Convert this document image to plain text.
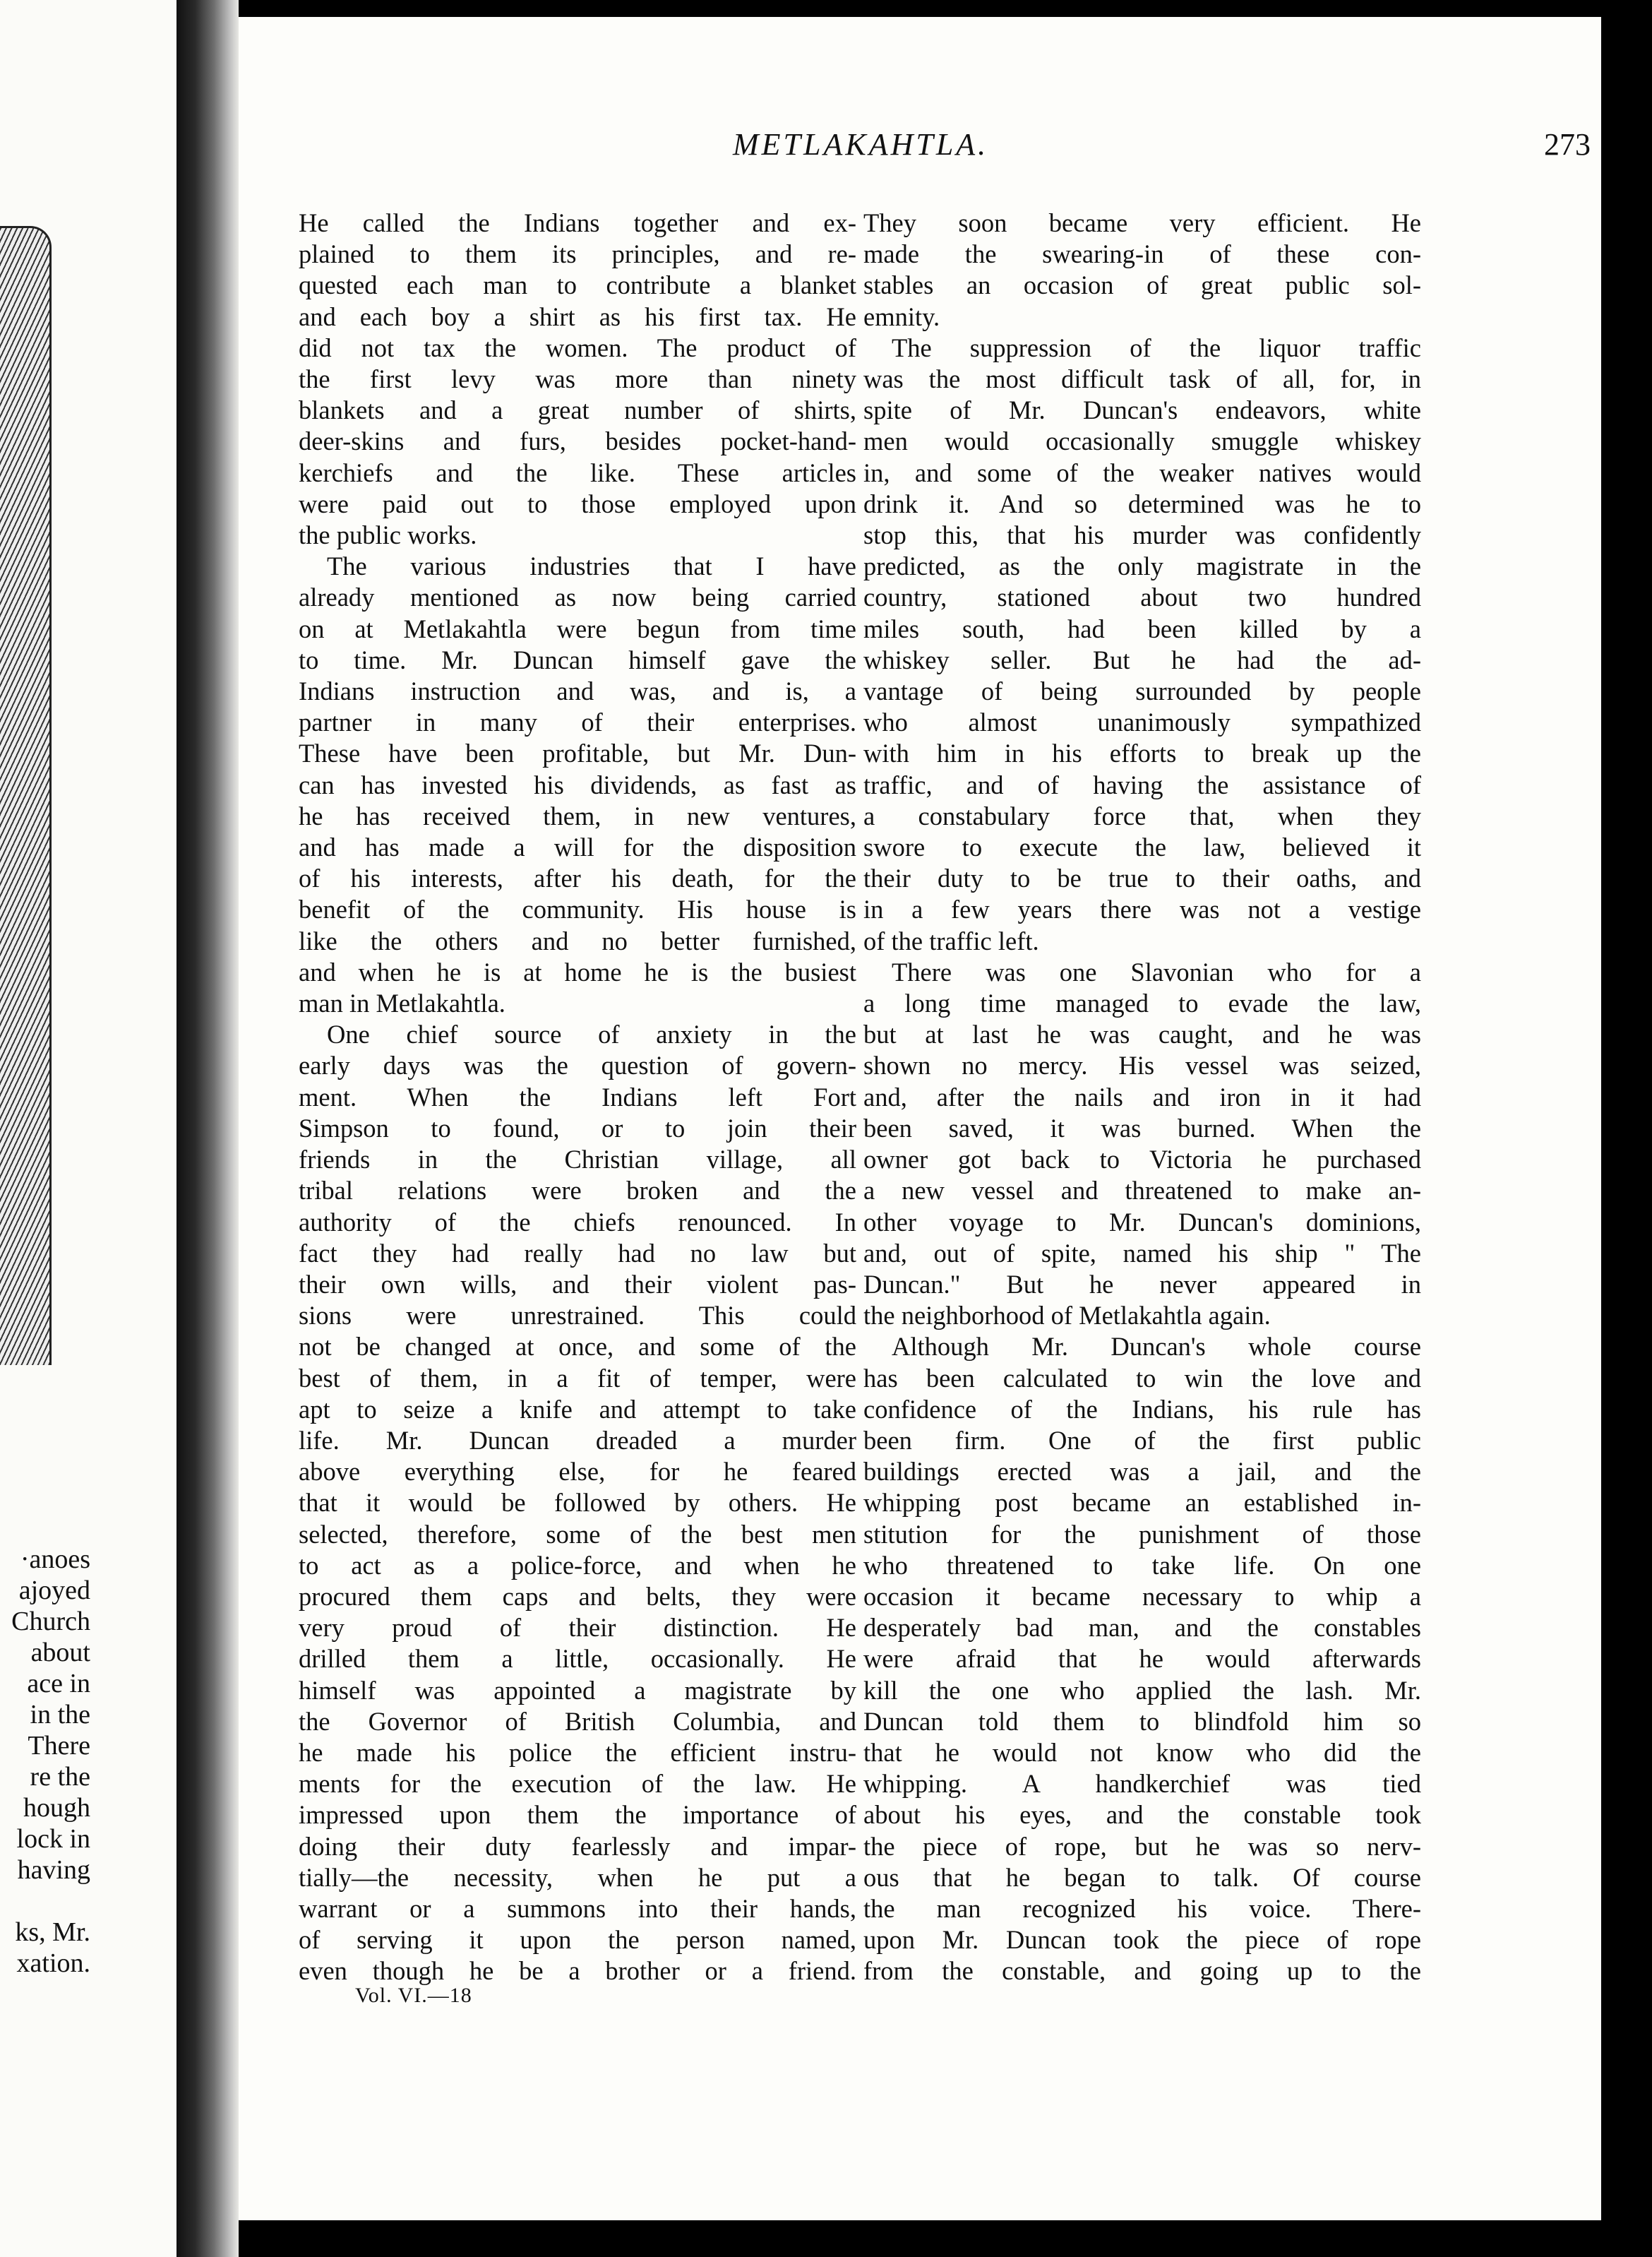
·anoes
ajoyed
Church
about
ace in
in the
There
re the
hough
lock in
having

ks, Mr.
xation.
METLAKAHTLA.	273
He called the Indians together and ex-
plained to them its principles, and re-
quested each man to contribute a blanket
and each boy a shirt as his first tax. He
did not tax the women. The product of
the first levy was more than ninety
blankets and a great number of shirts,
deer-skins and furs, besides pocket-hand-
kerchiefs and the like. These articles
were paid out to those employed upon
the public works.
The various industries that I have
already mentioned as now being carried
on at Metlakahtla were begun from time
to time. Mr. Duncan himself gave the
Indians instruction and was, and is, a
partner in many of their enterprises.
These have been profitable, but Mr. Dun-
can has invested his dividends, as fast as
he has received them, in new ventures,
and has made a will for the disposition
of his interests, after his death, for the
benefit of the community. His house is
like the others and no better furnished,
and when he is at home he is the busiest
man in Metlakahtla.
One chief source of anxiety in the
early days was the question of govern-
ment. When the Indians left Fort
Simpson to found, or to join their
friends in the Christian village, all
tribal relations were broken and the
authority of the chiefs renounced. In
fact they had really had no law but
their own wills, and their violent pas-
sions were unrestrained. This could
not be changed at once, and some of the
best of them, in a fit of temper, were
apt to seize a knife and attempt to take
life. Mr. Duncan dreaded a murder
above everything else, for he feared
that it would be followed by others. He
selected, therefore, some of the best men
to act as a police-force, and when he
procured them caps and belts, they were
very proud of their distinction. He
drilled them a little, occasionally. He
himself was appointed a magistrate by
the Governor of British Columbia, and
he made his police the efficient instru-
ments for the execution of the law. He
impressed upon them the importance of
doing their duty fearlessly and impar-
tially—the necessity, when he put a
warrant or a summons into their hands,
of serving it upon the person named,
even though he be a brother or a friend.
They soon became very efficient. He
made the swearing-in of these con-
stables an occasion of great public sol-
emnity.
The suppression of the liquor traffic
was the most difficult task of all, for, in
spite of Mr. Duncan's endeavors, white
men would occasionally smuggle whiskey
in, and some of the weaker natives would
drink it. And so determined was he to
stop this, that his murder was confidently
predicted, as the only magistrate in the
country, stationed about two hundred
miles south, had been killed by a
whiskey seller. But he had the ad-
vantage of being surrounded by people
who almost unanimously sympathized
with him in his efforts to break up the
traffic, and of having the assistance of
a constabulary force that, when they
swore to execute the law, believed it
their duty to be true to their oaths, and
in a few years there was not a vestige
of the traffic left.
There was one Slavonian who for a
a long time managed to evade the law,
but at last he was caught, and he was
shown no mercy. His vessel was seized,
and, after the nails and iron in it had
been saved, it was burned. When the
owner got back to Victoria he purchased
a new vessel and threatened to make an-
other voyage to Mr. Duncan's dominions,
and, out of spite, named his ship " The
Duncan." But he never appeared in
the neighborhood of Metlakahtla again.
Although Mr. Duncan's whole course
has been calculated to win the love and
confidence of the Indians, his rule has
been firm. One of the first public
buildings erected was a jail, and the
whipping post became an established in-
stitution for the punishment of those
who threatened to take life. On one
occasion it became necessary to whip a
desperately bad man, and the constables
were afraid that he would afterwards
kill the one who applied the lash. Mr.
Duncan told them to blindfold him so
that he would not know who did the
whipping. A handkerchief was tied
about his eyes, and the constable took
the piece of rope, but he was so nerv-
ous that he began to talk. Of course
the man recognized his voice. There-
upon Mr. Duncan took the piece of rope
from the constable, and going up to the
Vol. VI.—18
